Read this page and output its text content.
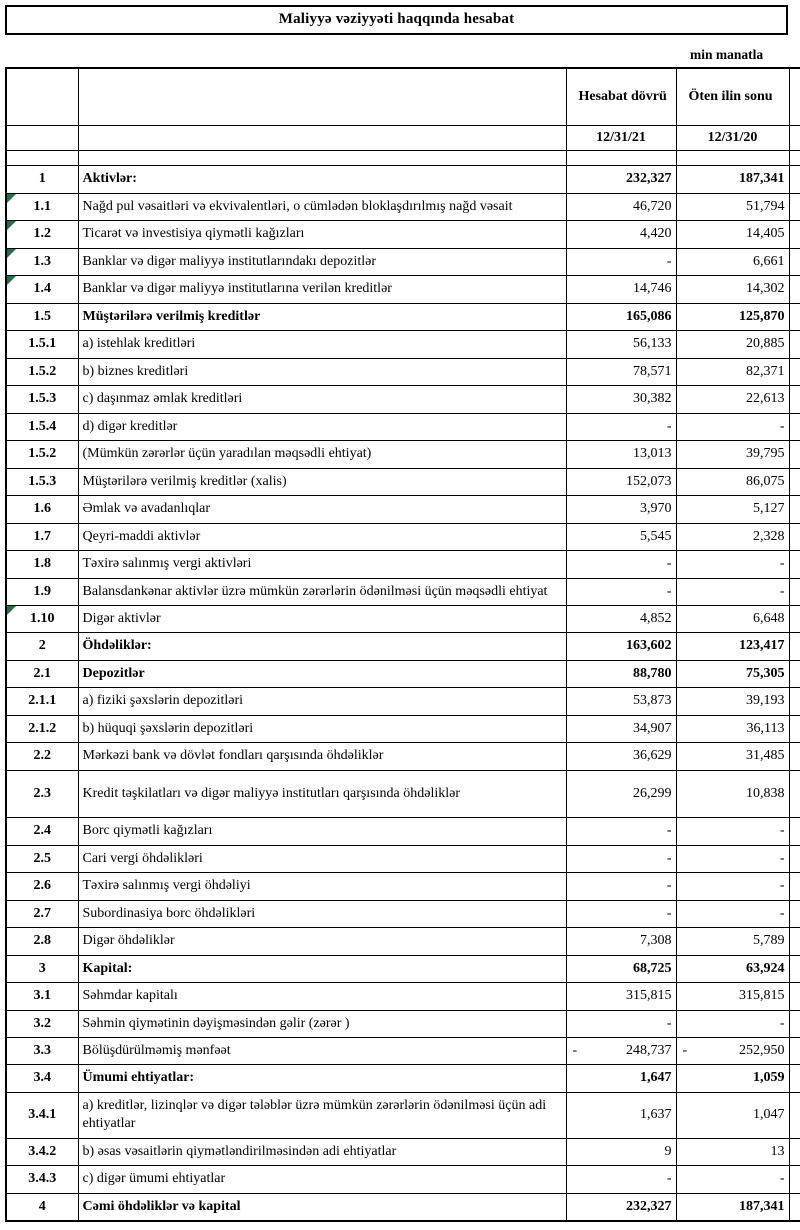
Maliyyə vəziyyəti haqqında hesabat
min manatla
		Hesabat dövrü	Öten ilin sonu	
		12/31/21	12/31/20	

1	Aktivlər:	232,327	187,341	

1.1	Nağd pul vəsaitləri və ekvivalentləri, o cümlədən bloklaşdırılmış nağd vəsait	46,720	51,794	

1.2	Ticarət və investisiya qiymətli kağızları	4,420	14,405	

1.3	Banklar və digər maliyyə institutlarındakı depozitlər	-	6,661	

1.4	Banklar və digər maliyyə institutlarına verilən kreditlər	14,746	14,302	
1.5	Müştərilərə verilmiş kreditlər	165,086	125,870	
1.5.1	a) istehlak kreditləri	56,133	20,885	
1.5.2	b) biznes kreditləri	78,571	82,371	
1.5.3	c) daşınmaz əmlak kreditləri	30,382	22,613	
1.5.4	d) digər kreditlər	-	-	
1.5.2	(Mümkün zərərlər üçün yaradılan məqsədli ehtiyat)	13,013	39,795	
1.5.3	Müştərilərə verilmiş kreditlər (xalis)	152,073	86,075	
1.6	Əmlak və avadanlıqlar	3,970	5,127	
1.7	Qeyri-maddi aktivlər	5,545	2,328	
1.8	Təxirə salınmış vergi aktivləri	-	-	
1.9	Balansdankənar aktivlər üzrə mümkün zərərlərin ödənilməsi üçün məqsədli ehtiyat	-	-	

1.10	Digər aktivlər	4,852	6,648	
2	Öhdəliklər:	163,602	123,417	
2.1	Depozitlər	88,780	75,305	
2.1.1	a) fiziki şəxslərin depozitləri	53,873	39,193	
2.1.2	b) hüquqi şəxslərin depozitləri	34,907	36,113	
2.2	Mərkəzi bank və dövlət fondları qarşısında öhdəliklər	36,629	31,485	
2.3	Kredit təşkilatları və digər maliyyə institutları qarşısında öhdəliklər	26,299	10,838	
2.4	Borc qiymətli kağızları	-	-	
2.5	Cari vergi öhdəlikləri	-	-	
2.6	Təxirə salınmış vergi öhdəliyi	-	-	
2.7	Subordinasiya borc öhdəlikləri	-	-	
2.8	Digər öhdəliklər	7,308	5,789	
3	Kapital:	68,725	63,924	
3.1	Səhmdar kapitalı	315,815	315,815	
3.2	Səhmin qiymətinin dəyişməsindən gəlir (zərər )	-	-	
3.3	Bölüşdürülməmiş mənfəət	- 248,737	- 252,950	

3.4	Ümumi ehtiyatlar:	1,647	1,059	
3.4.1	a) kreditlər, lizinqlər və digər tələblər üzrə mümkün zərərlərin ödənilməsi üçün adi ehtiyatlar	1,637	1,047	
3.4.2	b) əsas vəsaitlərin qiymətləndirilməsindən adi ehtiyatlar	9	13	
3.4.3	c) digər ümumi ehtiyatlar	-	-	
4	Cəmi öhdəliklər və kapital	232,327	187,341	
